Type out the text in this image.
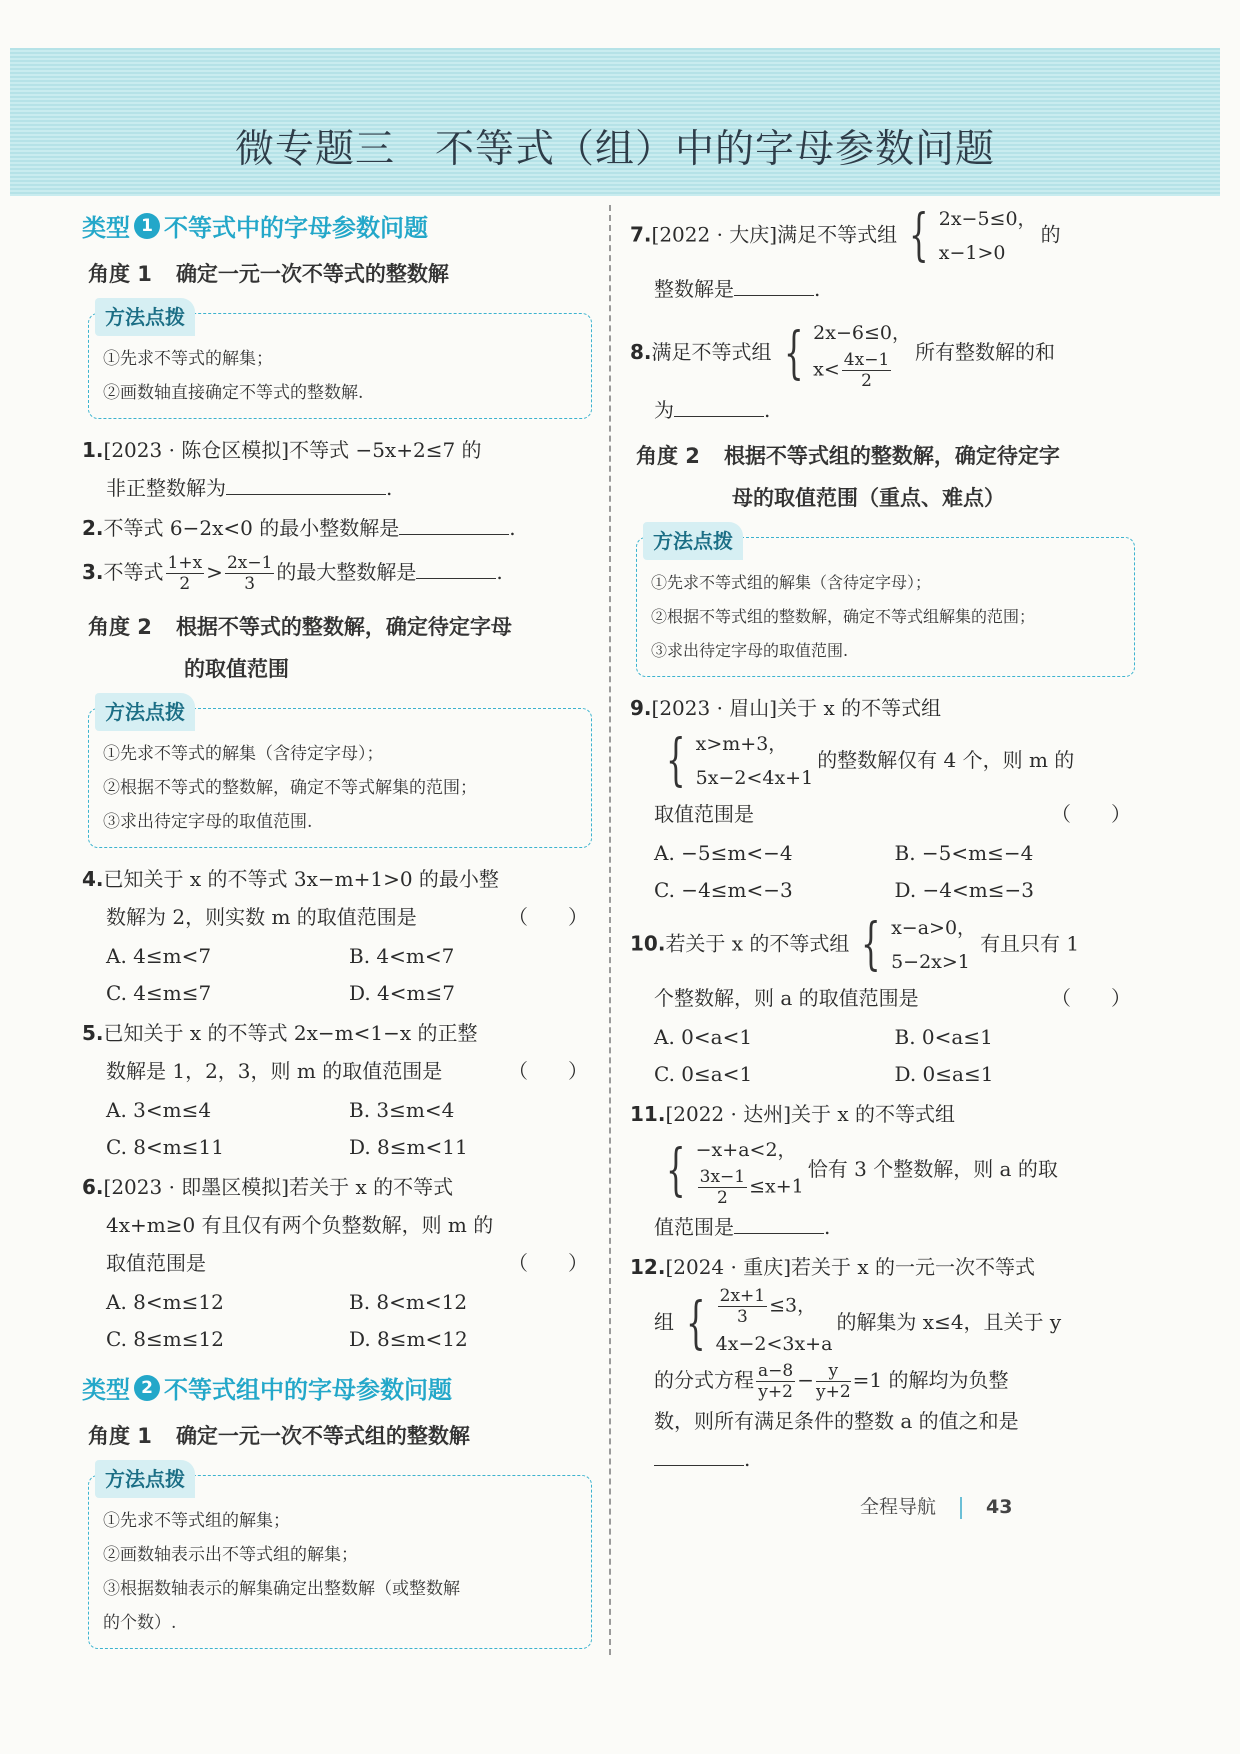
微专题三　不等式（组）中的字母参数问题
类型 1 不等式中的字母参数问题
角度 1 确定一元一次不等式的整数解
方法点拨
①先求不等式的解集；
②画数轴直接确定不等式的整数解.
1.[2023 · 陈仓区模拟]不等式 −5x+2≤7 的
非正整数解为	.
2.不等式 6−2x<0 的最小整数解是	.
3.不等式 $\frac{1+x}{2} > \frac{2x-1}{3}$ 的最大整数解是	.
角度 2 根据不等式的整数解，确定待定字母
的取值范围
方法点拨
①先求不等式的解集（含待定字母）；
②根据不等式的整数解，确定不等式解集的范围；
③求出待定字母的取值范围.
4.已知关于 x 的不等式 3x−m+1>0 的最小整
数解为 2，则实数 m 的取值范围是	（　　）
A. 4≤m<7	B. 4<m<7
C. 4≤m≤7	D. 4<m≤7
5.已知关于 x 的不等式 2x−m<1−x 的正整
数解是 1，2，3，则 m 的取值范围是	（　　）
A. 3<m≤4	B. 3≤m<4
C. 8<m≤11	D. 8≤m<11
6.[2023 · 即墨区模拟]若关于 x 的不等式
4x+m≥0 有且仅有两个负整数解，则 m 的
取值范围是	（　　）
A. 8<m≤12	B. 8<m<12
C. 8≤m≤12	D. 8≤m<12
类型 2 不等式组中的字母参数问题
角度 1 确定一元一次不等式组的整数解
方法点拨
①先求不等式组的解集；
②画数轴表示出不等式组的解集；
③根据数轴表示的解集确定出整数解（或整数解
的个数）.
7.[2022 · 大庆]满足不等式组 { 2x−5≤0，
x−1>0
的
整数解是	.
8.满足不等式组 { 2x−6≤0，
$x< \frac{4x-1}{2}$ 所有整数解的和
为	.
角度 2 根据不等式组的整数解，确定待定字
母的取值范围（重点、难点）
方法点拨
①先求不等式组的解集（含待定字母）；
②根据不等式组的整数解，确定不等式组解集的范围；
③求出待定字母的取值范围.
9.[2023 · 眉山]关于 x 的不等式组

{ x>m+3，
5x−2<4x+1
的整数解仅有 4 个，则 m 的
取值范围是	（　　）
A. −5≤m<−4	B. −5<m≤−4
C. −4≤m<−3	D. −4<m≤−3
10.若关于 x 的不等式组 { x−a>0，
5−2x>1
有且只有 1
个整数解，则 a 的取值范围是	（　　）
A. 0<a<1	B. 0<a≤1
C. 0≤a<1	D. 0≤a≤1
11.[2022 · 达州]关于 x 的不等式组

{ −x+a<2，
$\frac{3x-1}{2} \le x+1$
恰有 3 个整数解，则 a 的取
值范围是	.
12.[2024 · 重庆]若关于 x 的一元一次不等式
组 { $\frac{2x+1}{3} \le 3$，
4x−2<3x+a
的解集为 x≤4，且关于 y
的分式方程 $\frac{a-8}{y+2} - \frac{y}{y+2} =1$ 的解均为负整
数，则所有满足条件的整数 a 的值之和是
.
全程导航	43
